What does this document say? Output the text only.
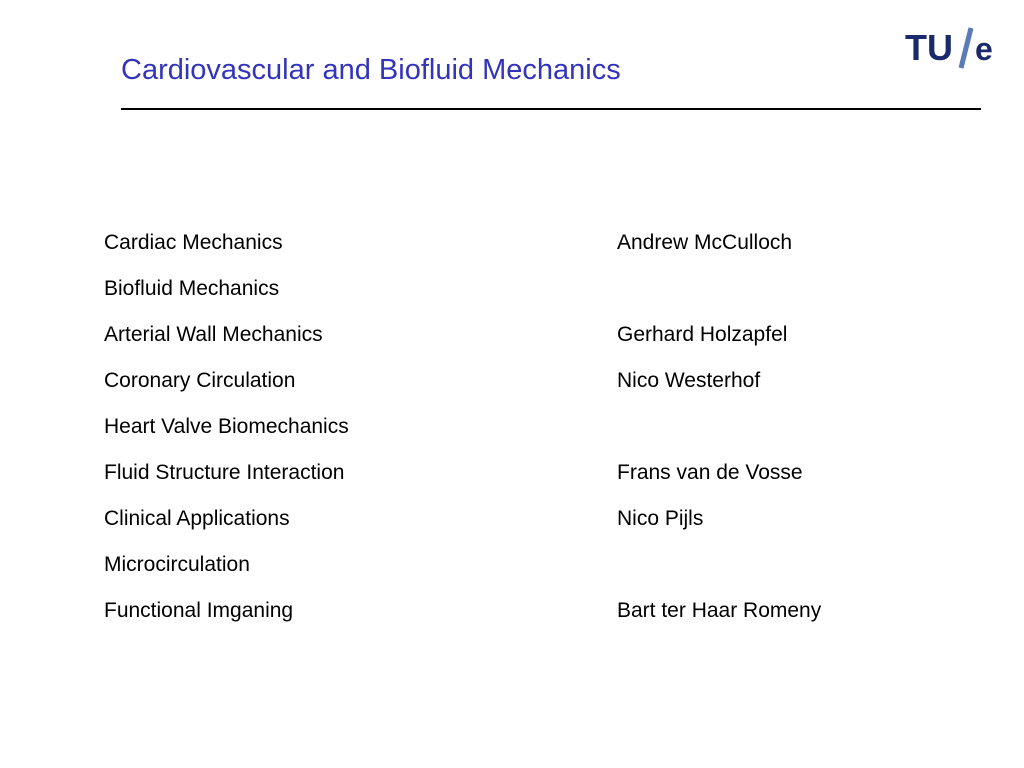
Cardiovascular and Biofluid Mechanics
TU e
Cardiac Mechanics	Andrew McCulloch
Biofluid Mechanics
Arterial Wall Mechanics	Gerhard Holzapfel
Coronary Circulation	Nico Westerhof
Heart Valve Biomechanics
Fluid Structure Interaction	Frans van de Vosse
Clinical Applications	Nico Pijls
Microcirculation
Functional Imganing	Bart ter Haar Romeny
